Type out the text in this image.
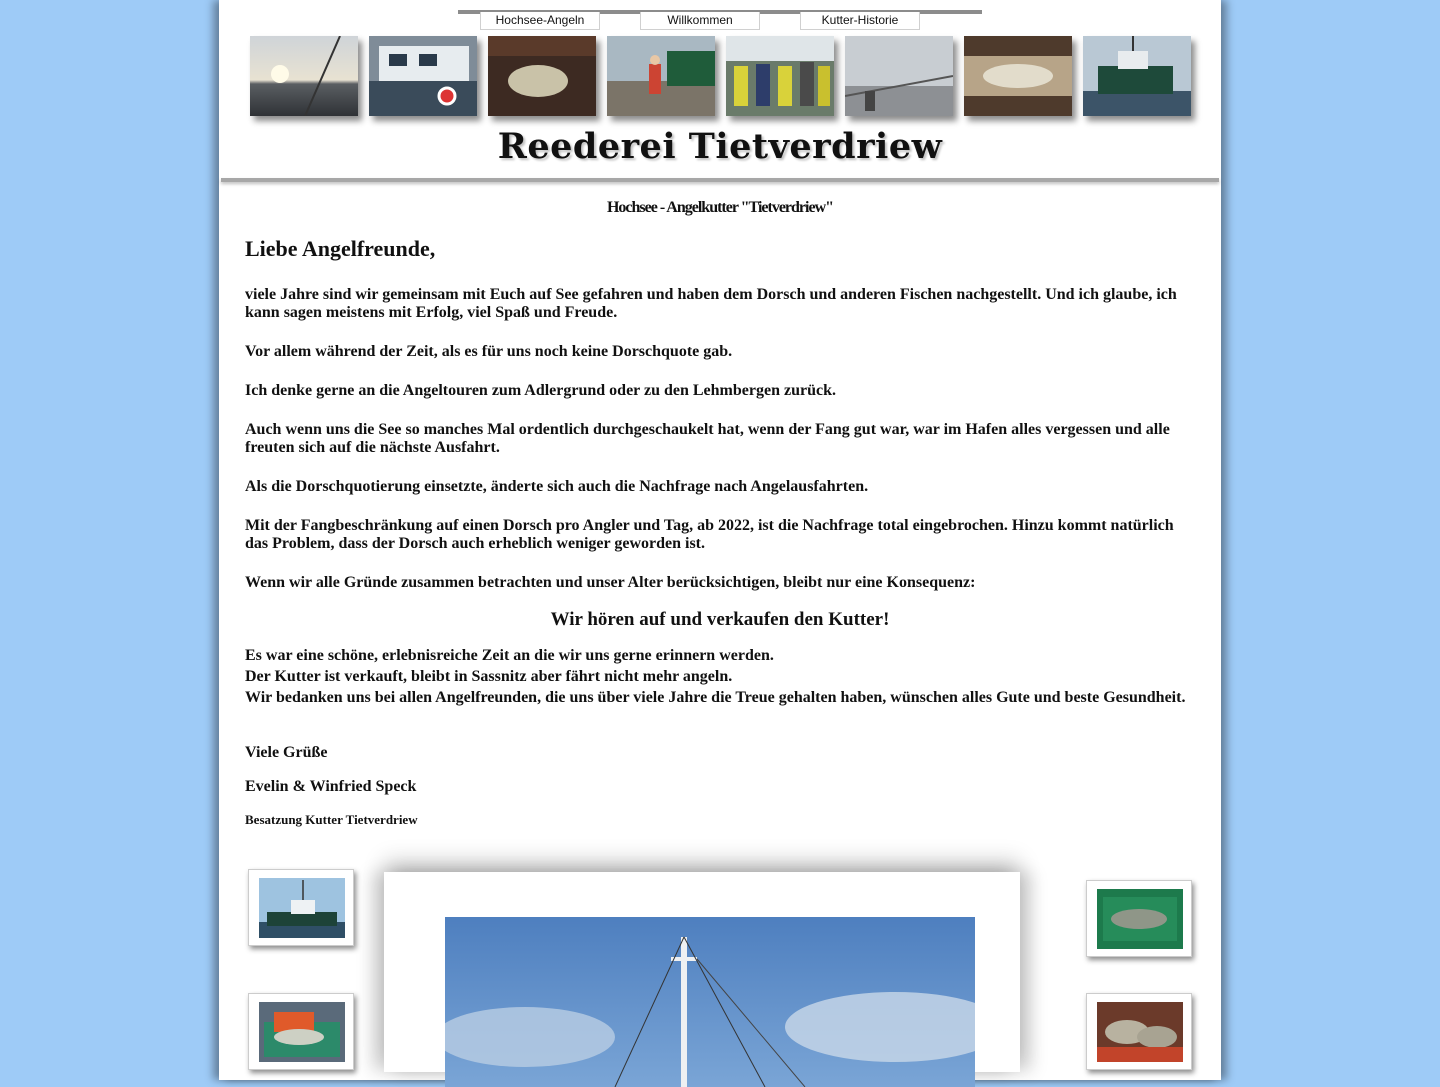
Hochsee-Angeln	Willkommen	Kutter-Historie
Reederei Tietverdriew
Hochsee - Angelkutter "Tietverdriew"
Liebe Angelfreunde,
viele Jahre sind wir gemeinsam mit Euch auf See gefahren und haben dem Dorsch und anderen Fischen nachgestellt. Und ich glaube, ich kann sagen meistens mit Erfolg, viel Spaß und Freude.
Vor allem während der Zeit, als es für uns noch keine Dorschquote gab.
Ich denke gerne an die Angeltouren zum Adlergrund oder zu den Lehmbergen zurück.
Auch wenn uns die See so manches Mal ordentlich durchgeschaukelt hat, wenn der Fang gut war, war im Hafen alles vergessen und alle freuten sich auf die nächste Ausfahrt.
Als die Dorschquotierung einsetzte, änderte sich auch die Nachfrage nach Angelausfahrten.
Mit der Fangbeschränkung auf einen Dorsch pro Angler und Tag, ab 2022, ist die Nachfrage total eingebrochen. Hinzu kommt natürlich das Problem, dass der Dorsch auch erheblich weniger geworden ist.
Wenn wir alle Gründe zusammen betrachten und unser Alter berücksichtigen, bleibt nur eine Konsequenz:
Wir hören auf und verkaufen den Kutter!
Es war eine schöne, erlebnisreiche Zeit an die wir uns gerne erinnern werden.
Der Kutter ist verkauft, bleibt in Sassnitz aber fährt nicht mehr angeln.
Wir bedanken uns bei allen Angelfreunden, die uns über viele Jahre die Treue gehalten haben, wünschen alles Gute und beste Gesundheit.
Viele Grüße
Evelin & Winfried Speck
Besatzung Kutter Tietverdriew
